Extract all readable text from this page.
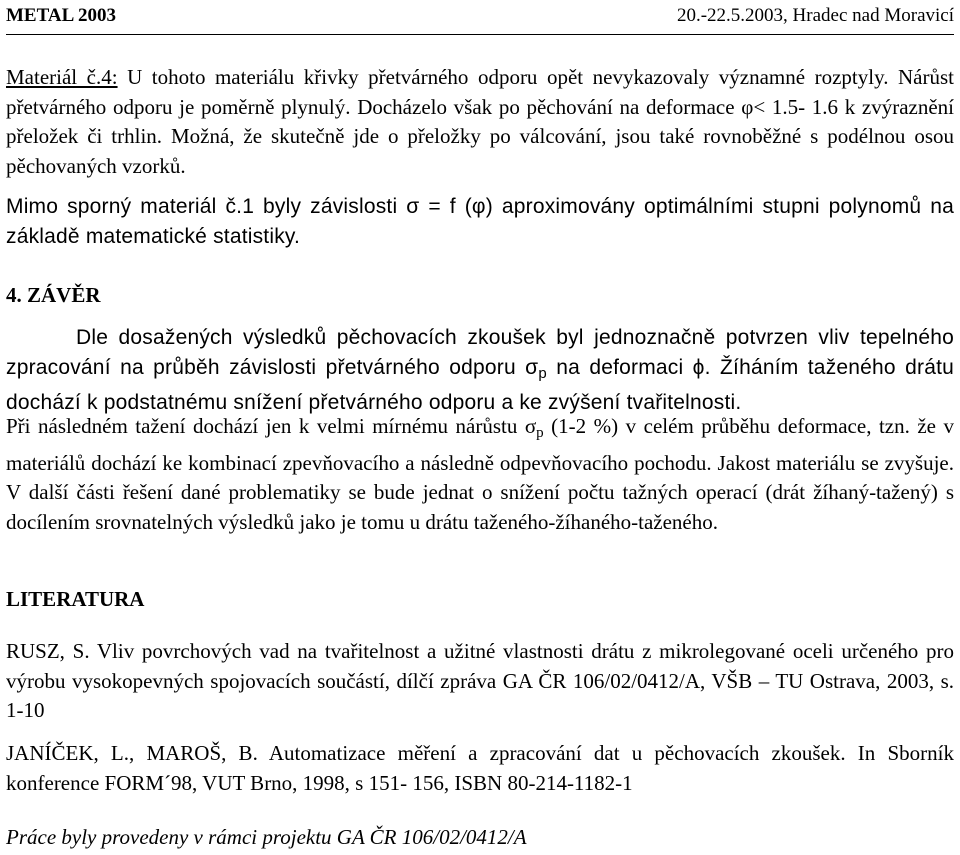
METAL 2003	20.-22.5.2003, Hradec nad Moravicí

Materiál č.4: U tohoto materiálu křivky přetvárného odporu opět nevykazovaly významné rozptyly. Nárůst přetvárného odporu je poměrně plynulý. Docházelo však po pěchování na deformace φ< 1.5- 1.6 k zvýraznění přeložek či trhlin. Možná, že skutečně jde o přeložky po válcování, jsou také rovnoběžné s podélnou osou pěchovaných vzorků.

Mimo sporný materiál č.1 byly závislosti σ = f (φ) aproximovány optimálními stupni polynomů na základě matematické statistiky.

4. ZÁVĚR

Dle dosažených výsledků pěchovacích zkoušek byl jednoznačně potvrzen vliv tepelného zpracování na průběh závislosti přetvárného odporu $\sigma_p$ na deformaci ϕ. Žíháním taženého drátu dochází k podstatnému snížení přetvárného odporu a ke zvýšení tvařitelnosti.

Při následném tažení dochází jen k velmi mírnému nárůstu $\sigma_p$ (1-2 %) v celém průběhu deformace, tzn. že v materiálů dochází ke kombinací zpevňovacího a následně odpevňovacího pochodu. Jakost materiálu se zvyšuje. V další části řešení dané problematiky se bude jednat o snížení počtu tažných operací (drát žíhaný-tažený) s docílením srovnatelných výsledků jako je tomu u drátu taženého-žíhaného-taženého.

LITERATURA

RUSZ, S. Vliv povrchových vad na tvařitelnost a užitné vlastnosti drátu z mikrolegované oceli určeného pro výrobu vysokopevných spojovacích součástí, dílčí zpráva GA ČR 106/02/0412/A, VŠB – TU Ostrava, 2003, s. 1-10

JANÍČEK, L., MAROŠ, B. Automatizace měření a zpracování dat u pěchovacích zkoušek. In Sborník konference FORM´98, VUT Brno, 1998, s 151- 156, ISBN 80-214-1182-1

Práce byly provedeny v rámci projektu GA ČR 106/02/0412/A
